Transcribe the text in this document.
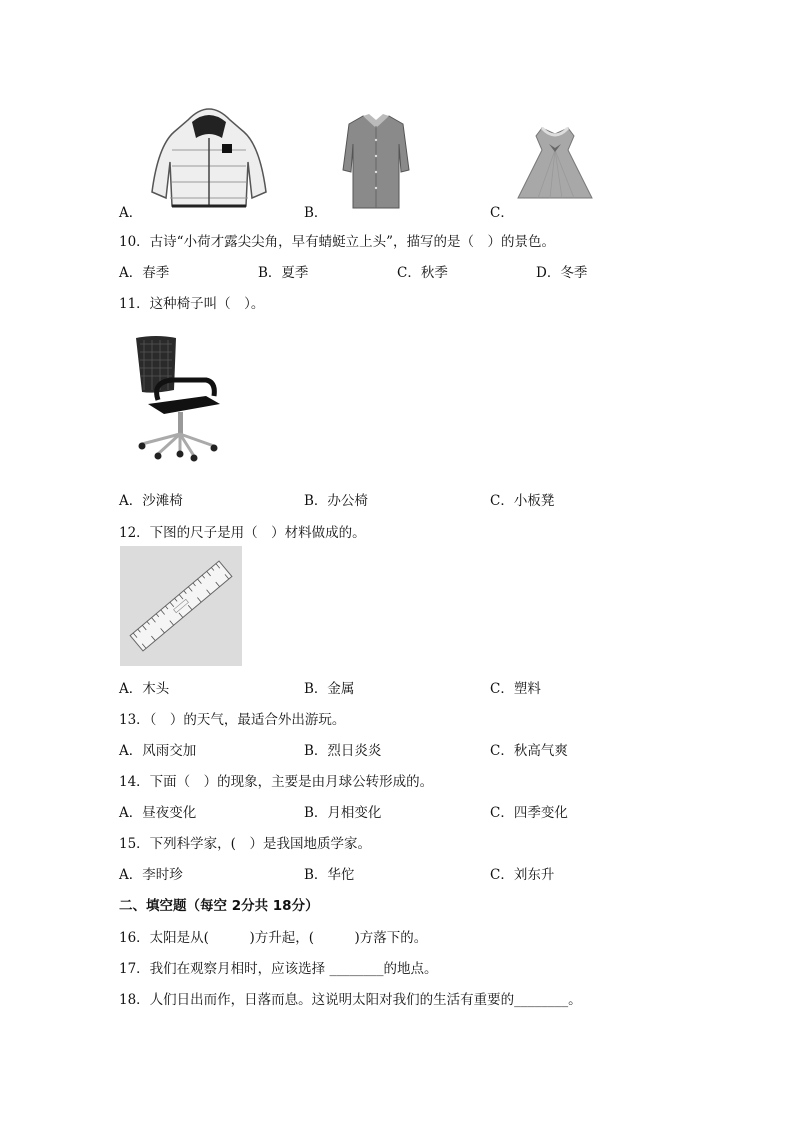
A．	B．	C．
10．古诗“小荷才露尖尖角，早有蜻蜓立上头”，描写的是（　）的景色。
A．春季	B．夏季	C．秋季	D．冬季
11．这种椅子叫（　）。
A．沙滩椅	B．办公椅	C．小板凳
12．下图的尺子是用（　）材料做成的。
A．木头	B．金属	C．塑料
13．（　）的天气，最适合外出游玩。
A．风雨交加	B．烈日炎炎	C．秋高气爽
14．下面（　）的现象，主要是由月球公转形成的。
A．昼夜变化	B．月相变化	C．四季变化
15．下列科学家，(　）是我国地质学家。
A．李时珍	B．华佗	C．刘东升
二、填空题（每空 2分共 18分）
16．太阳是从(　　　)方升起，(　　　)方落下的。
17．我们在观察月相时，应该选择 ________的地点。
18．人们日出而作，日落而息。这说明太阳对我们的生活有重要的________。
